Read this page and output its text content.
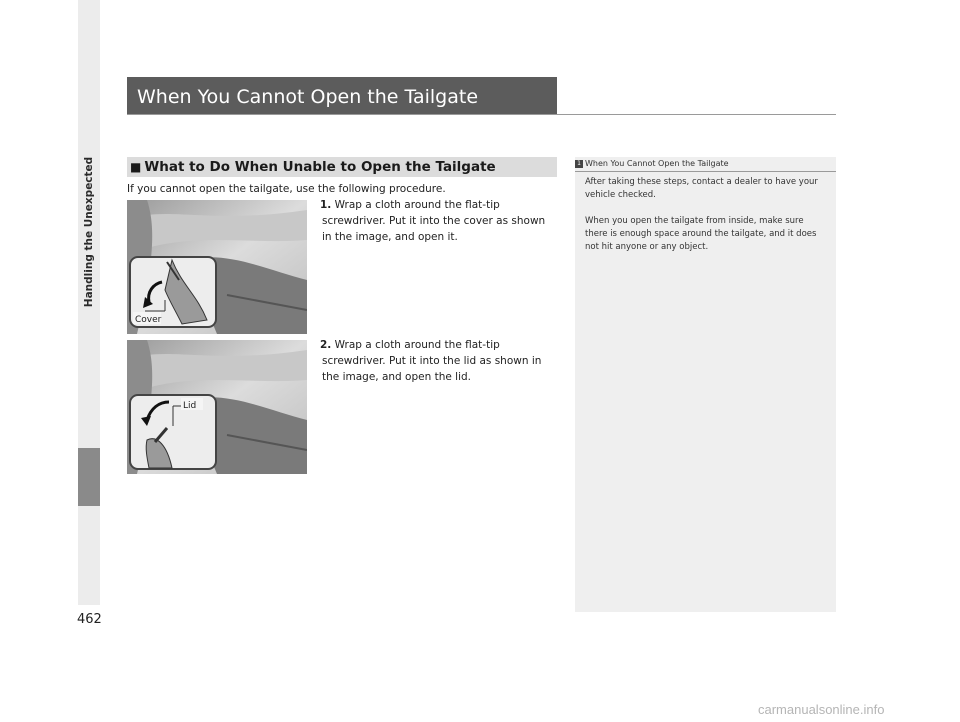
Handling the Unexpected
462
When You Cannot Open the Tailgate
■ What to Do When Unable to Open the Tailgate
If you cannot open the tailgate, use the following procedure.
1. Wrap a cloth around the flat-tip screwdriver. Put it into the cover as shown in the image, and open it.
2. Wrap a cloth around the flat-tip screwdriver. Put it into the lid as shown in the image, and open the lid.
Cover
Lid
1 When You Cannot Open the Tailgate
After taking these steps, contact a dealer to have your vehicle checked.
When you open the tailgate from inside, make sure there is enough space around the tailgate, and it does not hit anyone or any object.
carmanualsonline.info
